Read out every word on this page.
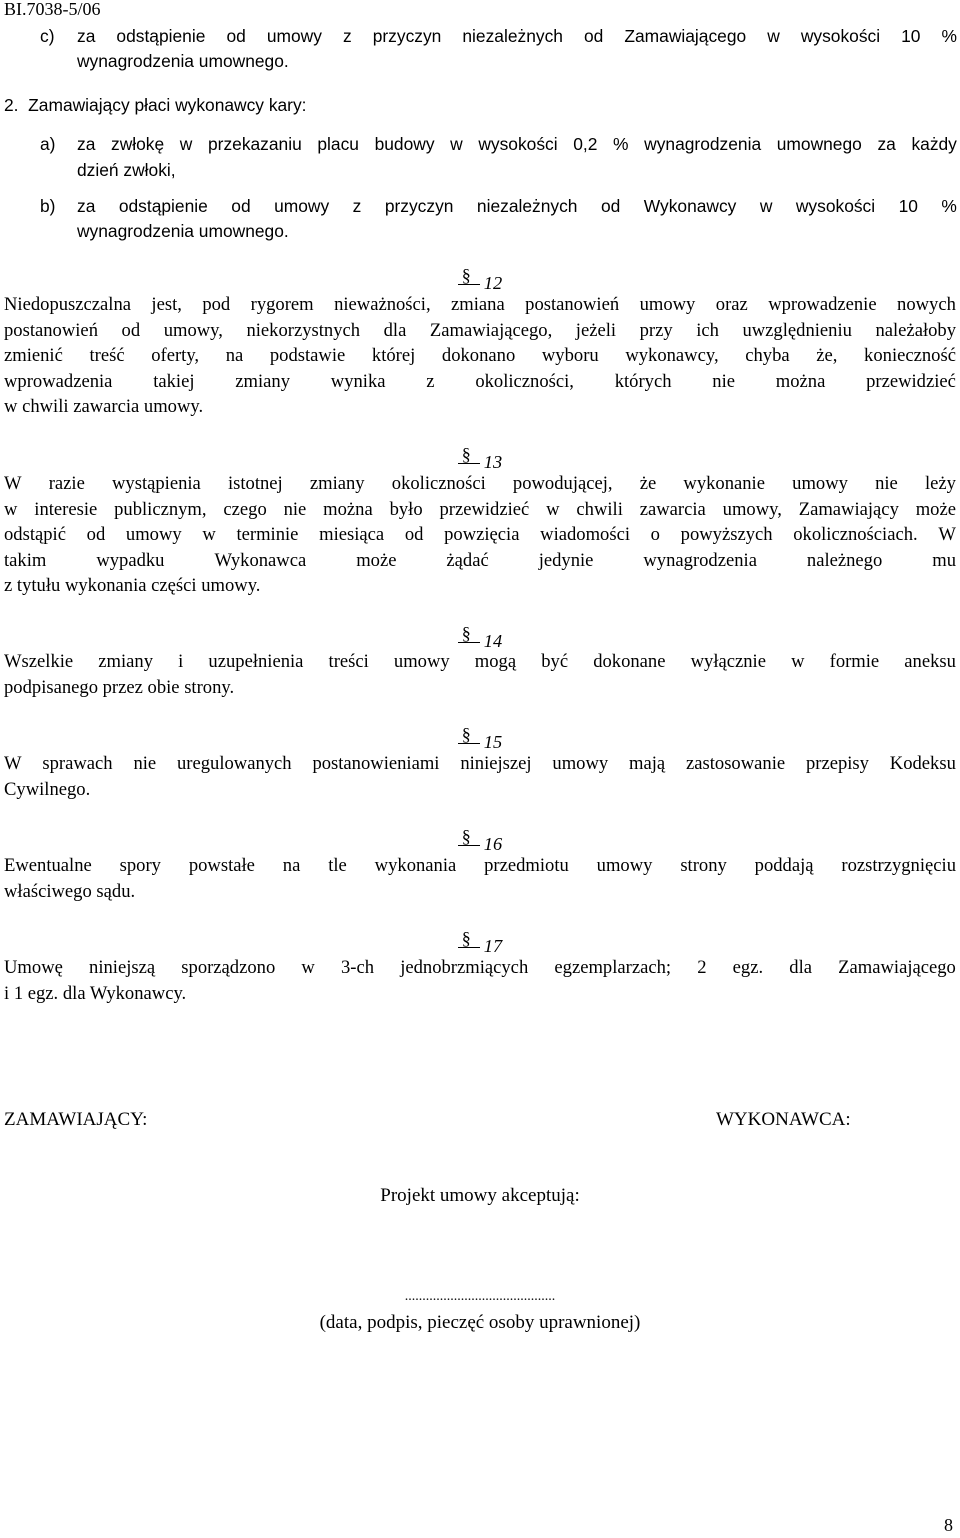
BI.7038-5/06
c) za odstąpienie od umowy z przyczyn niezależnych od Zamawiającego w wysokości 10 %
wynagrodzenia umownego.
2.  Zamawiający płaci wykonawcy kary:
a) za zwłokę w przekazaniu placu budowy w wysokości 0,2 % wynagrodzenia umownego za każdy
dzień zwłoki,
b) za odstąpienie od umowy z przyczyn niezależnych od Wykonawcy w wysokości 10 %
wynagrodzenia umownego.
§12
Niedopuszczalna jest, pod rygorem nieważności, zmiana postanowień umowy oraz wprowadzenie nowych
postanowień od umowy, niekorzystnych dla Zamawiającego, jeżeli przy ich uwzględnieniu należałoby
zmienić treść oferty, na podstawie której dokonano wyboru wykonawcy, chyba że, konieczność
wprowadzenia takiej zmiany wynika z okoliczności, których nie można przewidzieć
w chwili zawarcia umowy.
§13
W razie wystąpienia istotnej zmiany okoliczności powodującej, że wykonanie umowy nie leży
w interesie publicznym, czego nie można było przewidzieć w chwili zawarcia umowy, Zamawiający może
odstąpić od umowy w terminie miesiąca od powzięcia wiadomości o powyższych okolicznościach. W
takim	wypadku	Wykonawca	może	żądać	jedynie	wynagrodzenia	należnego	mu
z tytułu wykonania części umowy.
§14
Wszelkie zmiany i uzupełnienia treści umowy mogą być dokonane wyłącznie w formie aneksu
podpisanego przez obie strony.
§15
W sprawach nie uregulowanych postanowieniami niniejszej umowy mają zastosowanie przepisy Kodeksu
Cywilnego.
§16
Ewentualne spory powstałe na tle wykonania przedmiotu umowy strony poddają rozstrzygnięciu
właściwego sądu.
§17
Umowę niniejszą sporządzono w 3-ch jednobrzmiących egzemplarzach; 2 egz. dla Zamawiającego
i 1 egz. dla Wykonawcy.
ZAMAWIAJĄCY:	WYKONAWCA:
Projekt umowy akceptują:
...........................................
(data, podpis, pieczęć osoby uprawnionej)
8
